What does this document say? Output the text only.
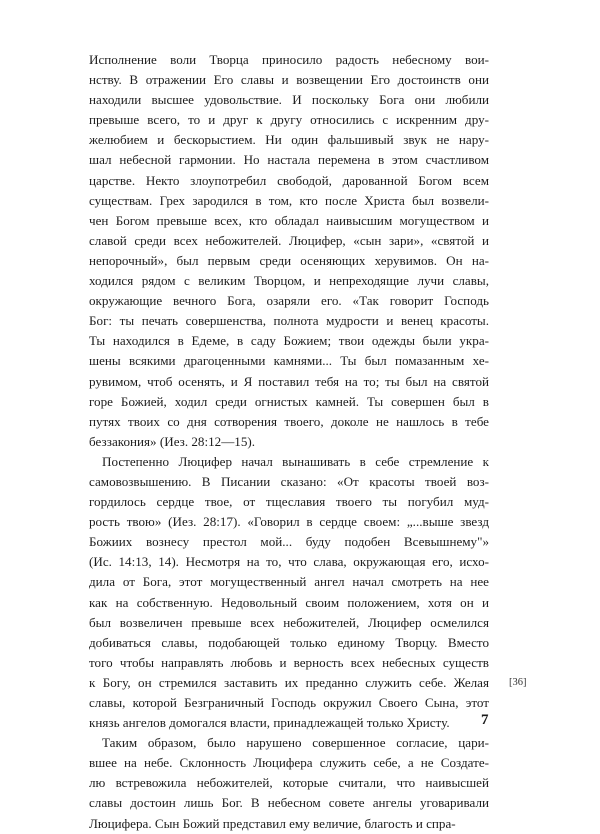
Исполнение воли Творца приносило радость небесному вои-
нству. В отражении Его славы и возвещении Его достоинств они
находили высшее удовольствие. И поскольку Бога они любили
превыше всего, то и друг к другу относились с искренним дру-
желюбием и бескорыстием. Ни один фальшивый звук не нару-
шал небесной гармонии. Но настала перемена в этом счастливом
царстве. Некто злоупотребил свободой, дарованной Богом всем
существам. Грех зародился в том, кто после Христа был возвели-
чен Богом превыше всех, кто обладал наивысшим могуществом и
славой среди всех небожителей. Люцифер, «сын зари», «святой и
непорочный», был первым среди осеняющих херувимов. Он на-
ходился рядом с великим Творцом, и непреходящие лучи славы,
окружающие вечного Бога, озаряли его. «Так говорит Господь
Бог: ты печать совершенства, полнота мудрости и венец красоты.
Ты находился в Едеме, в саду Божием; твои одежды были укра-
шены всякими драгоценными камнями... Ты был помазанным хе-
рувимом, чтоб осенять, и Я поставил тебя на то; ты был на святой
горе Божией, ходил среди огнистых камней. Ты совершен был в
путях твоих со дня сотворения твоего, доколе не нашлось в тебе
беззакония» (Иез. 28:12—15).

Постепенно Люцифер начал вынашивать в себе стремление к
самовозвышению. В Писании сказано: «От красоты твоей воз-
гордилось сердце твое, от тщеславия твоего ты погубил муд-
рость твою» (Иез. 28:17). «Говорил в сердце своем: „...выше звезд
Божиих вознесу престол мой... буду подобен Всевышнему"»
(Ис. 14:13, 14). Несмотря на то, что слава, окружающая его, исхо-
дила от Бога, этот могущественный ангел начал смотреть на нее
как на собственную. Недовольный своим положением, хотя он и
был возвеличен превыше всех небожителей, Люцифер осмелился
добиваться славы, подобающей только единому Творцу. Вместо
того чтобы направлять любовь и верность всех небесных существ
к Богу, он стремился заставить их преданно служить себе. Желая
славы, которой Безграничный Господь окружил Своего Сына, этот
князь ангелов домогался власти, принадлежащей только Христу.

Таким образом, было нарушено совершенное согласие, цари-
вшее на небе. Склонность Люцифера служить себе, а не Создате-
лю встревожила небожителей, которые считали, что наивысшей
славы достоин лишь Бог. В небесном совете ангелы уговаривали
Люцифера. Сын Божий представил ему величие, благость и спра-

[36]
7
